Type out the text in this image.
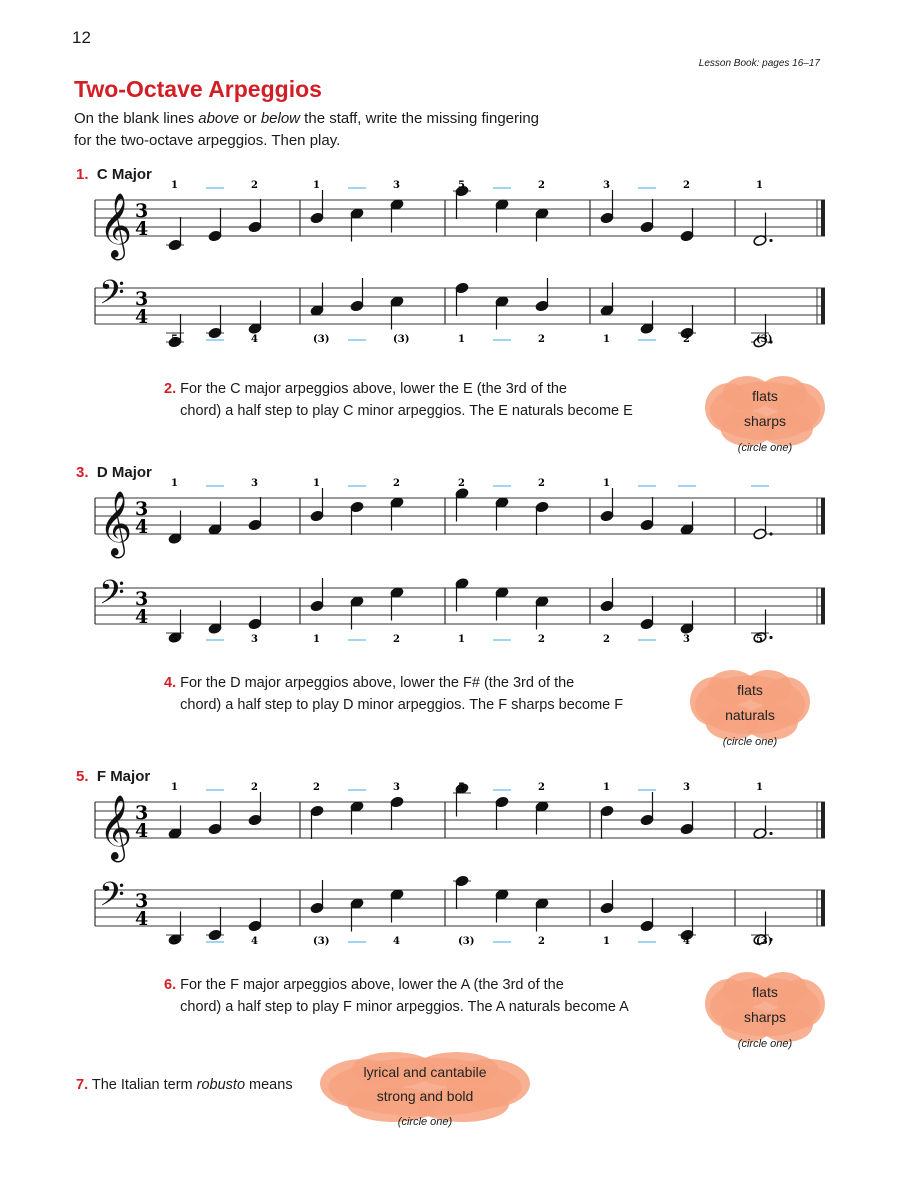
12
Lesson Book: pages 16–17
Two-Octave Arpeggios
On the blank lines above or below the staff, write the missing fingering
for the two-octave arpeggios. Then play.
1. C Major
𝄞 3
4
1	2	1	3	5	2	3	2	1
𝄢 3
4
5	4	(3)	(3)	1	2	1	2	(3)
2. For the C major arpeggios above, lower the E (the 3rd of the
chord) a half step to play C minor arpeggios. The E naturals become E
flats
sharps
(circle one)
3. D Major
𝄞 3
4
1	3	1	2	2	2	1
𝄢 3
4
5	3	1	2	1	2	2	3	5
4. For the D major arpeggios above, lower the F# (the 3rd of the
chord) a half step to play D minor arpeggios. The F sharps become F
flats
naturals
(circle one)
5. F Major
𝄞 3
4
1	2	2	3	5	2	1	3	1
𝄢 3
4
5	4	(3)	4	(3)	2	1	4	(3)
6. For the F major arpeggios above, lower the A (the 3rd of the
chord) a half step to play F minor arpeggios. The A naturals become A
flats
sharps
(circle one)
7. The Italian term robusto means
lyrical and cantabile
strong and bold
(circle one)
